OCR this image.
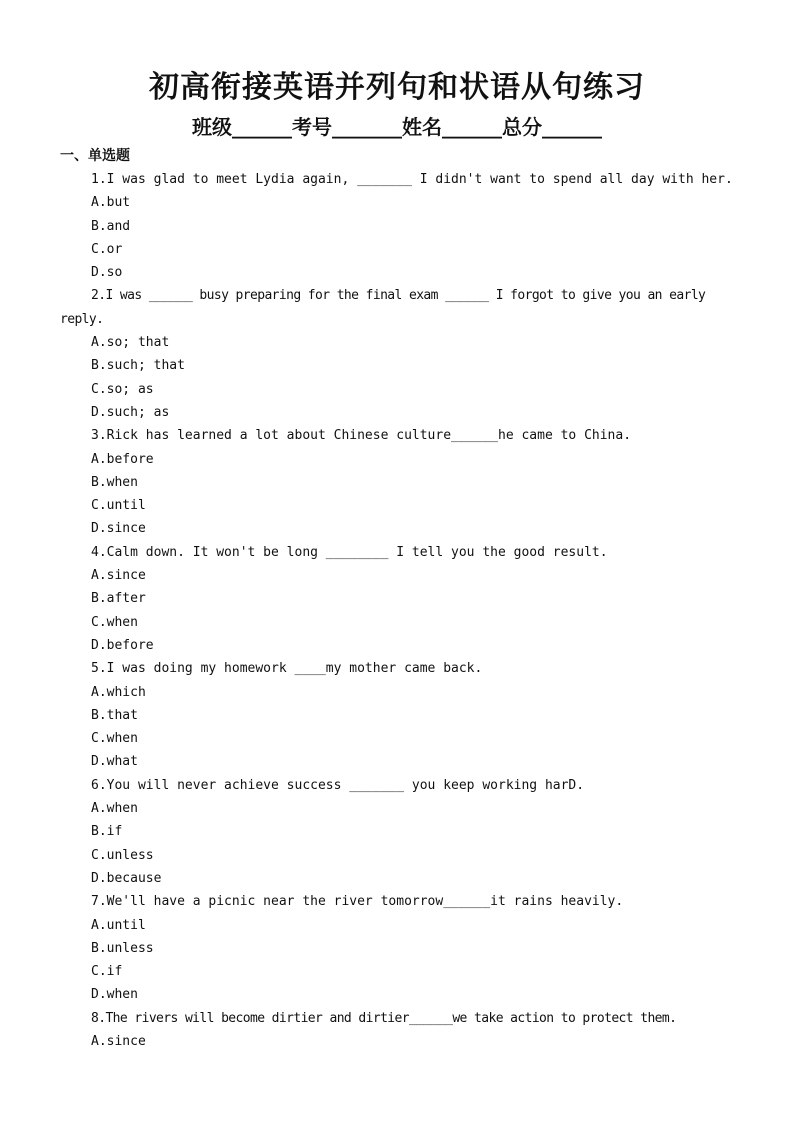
初高衔接英语并列句和状语从句练习
班级______考号_______姓名______总分______
一、单选题

1.I was glad to meet Lydia again, _______ I didn't want to spend all day with her.

A.but

B.and

C.or

D.so

2.I was ______ busy preparing for the final exam ______ I forgot to give you an early reply.

A.so; that

B.such; that

C.so; as

D.such; as

3.Rick has learned a lot about Chinese culture______he came to China.

A.before

B.when

C.until

D.since

4.Calm down. It won't be long ________ I tell you the good result.

A.since

B.after

C.when

D.before

5.I was doing my homework ____my mother came back.

A.which

B.that

C.when

D.what

6.You will never achieve success _______ you keep working harD.

A.when

B.if

C.unless

D.because

7.We'll have a picnic near the river tomorrow______it rains heavily.

A.until

B.unless

C.if

D.when

8.The rivers will become dirtier and dirtier______we take action to protect them.

A.since
